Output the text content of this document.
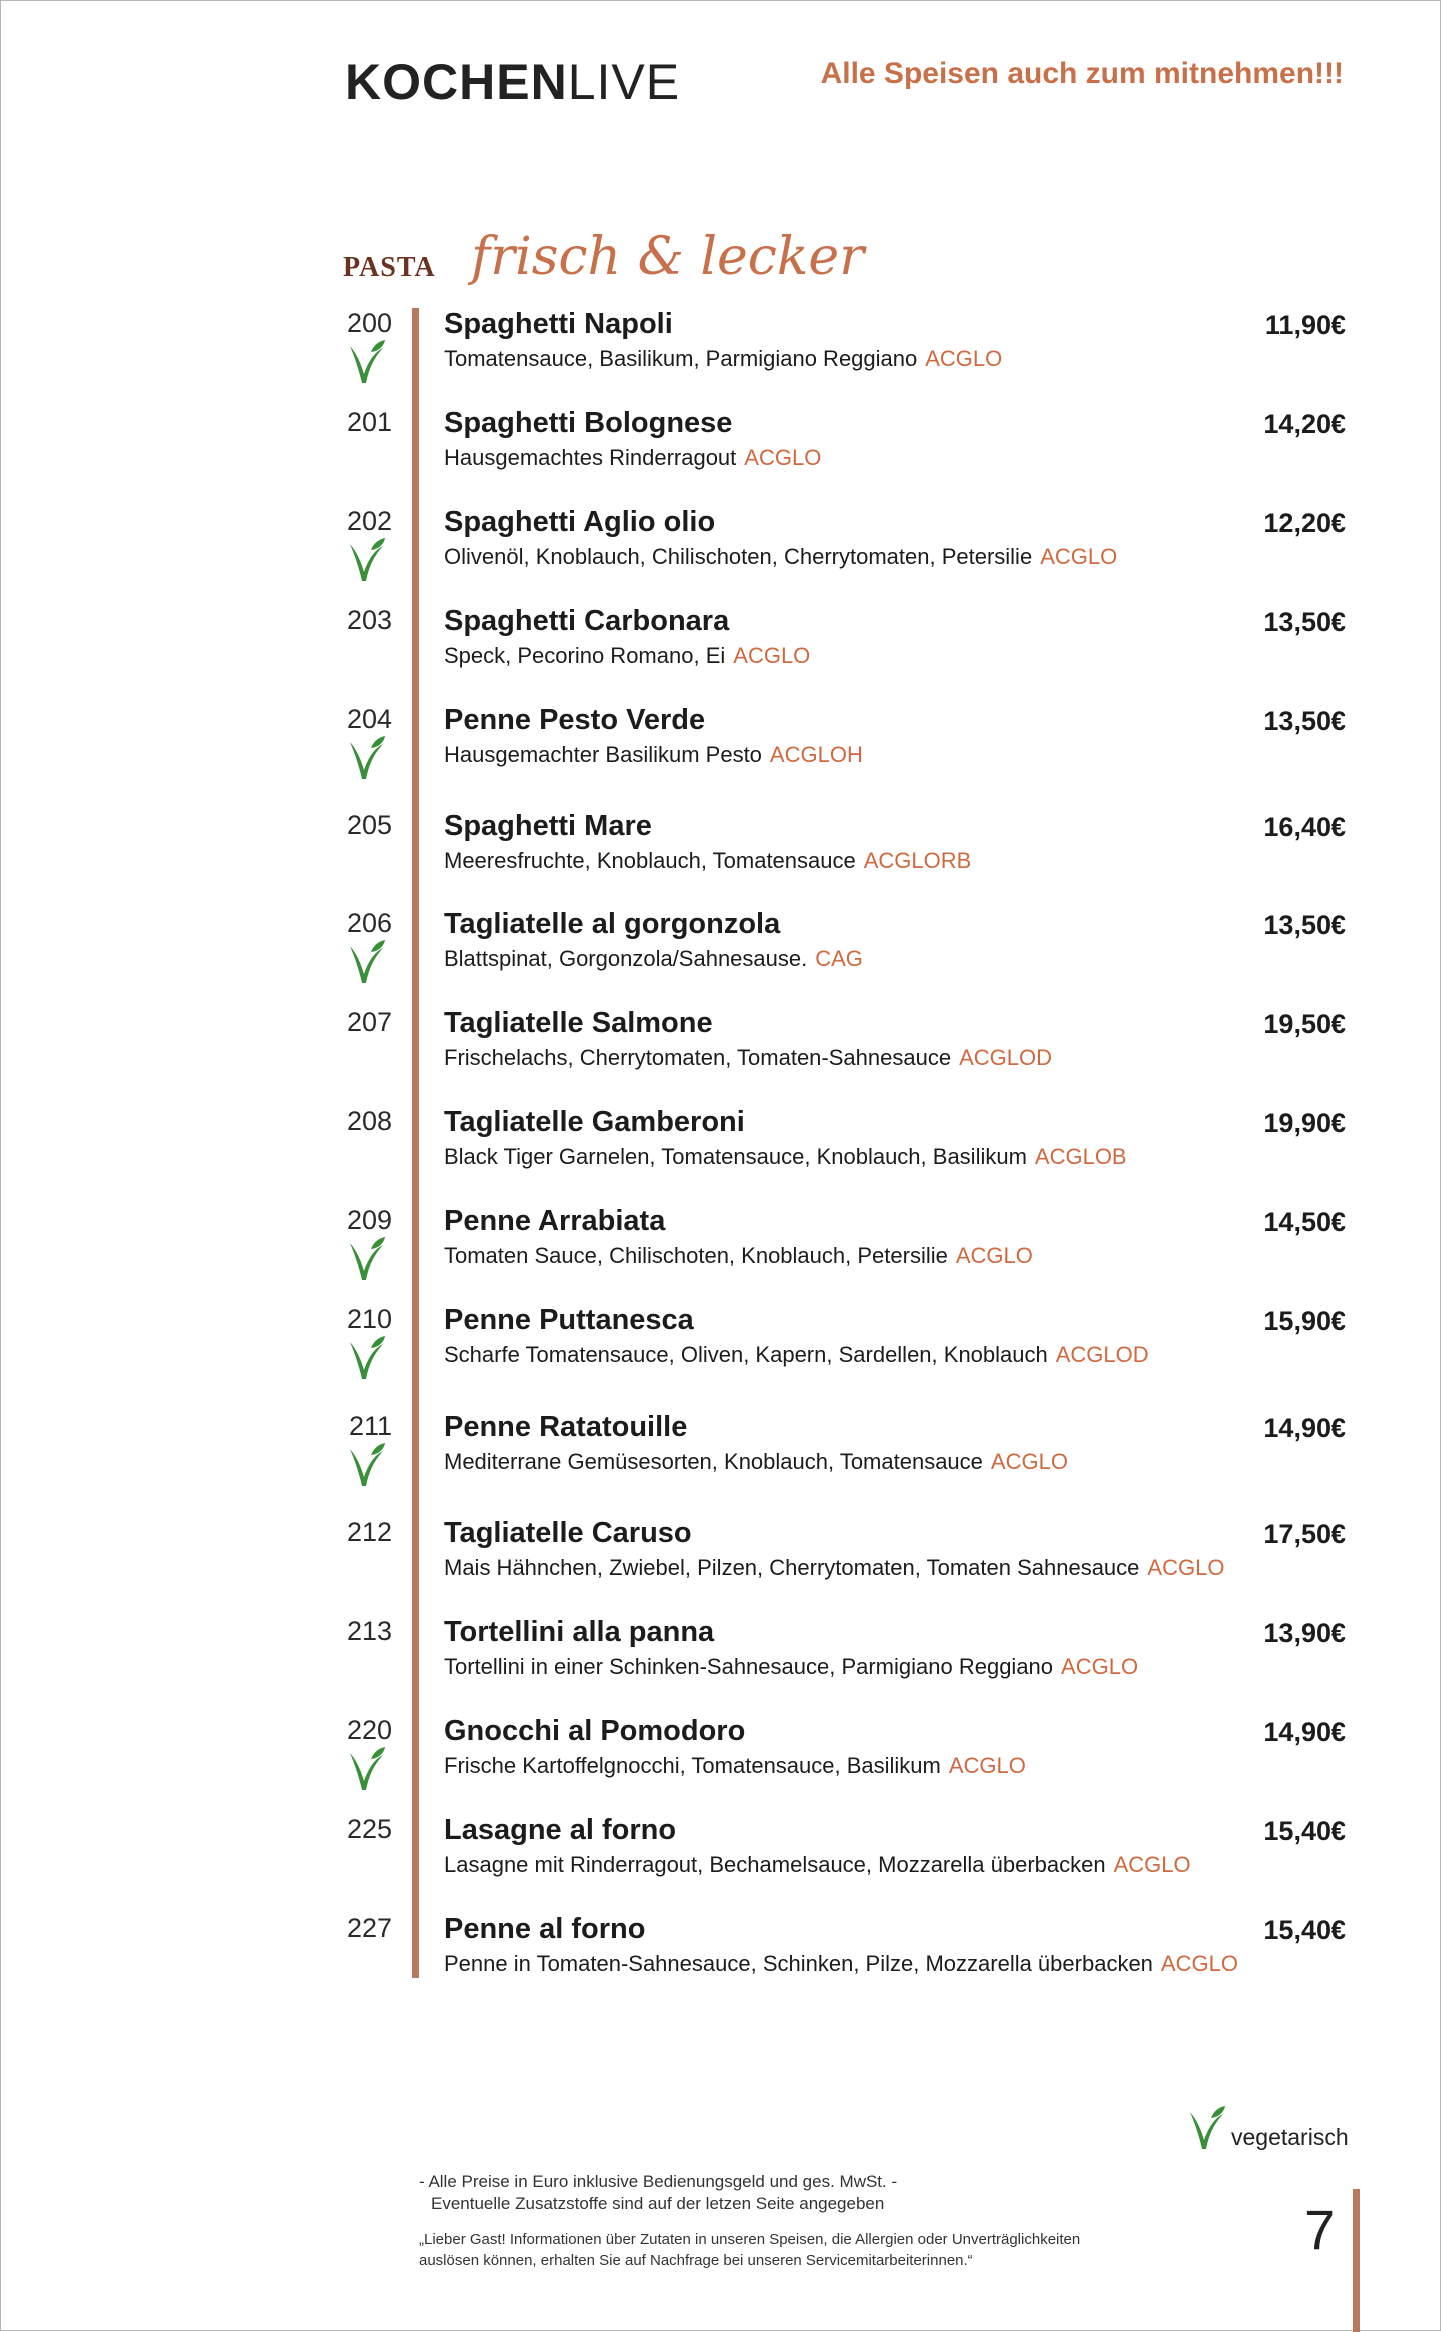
KOCHENLIVE	Alle Speisen auch zum mitnehmen!!!
PASTA frisch & lecker
200 Spaghetti Napoli
Tomatensauce, Basilikum, Parmigiano Reggiano ACGLO
11,90€
201 Spaghetti Bolognese
Hausgemachtes Rinderragout ACGLO
14,20€
202 Spaghetti Aglio olio
Olivenöl, Knoblauch, Chilischoten, Cherrytomaten, Petersilie ACGLO
12,20€
203 Spaghetti Carbonara
Speck, Pecorino Romano, Ei ACGLO
13,50€
204 Penne Pesto Verde
Hausgemachter Basilikum Pesto ACGLOH
13,50€
205 Spaghetti Mare
Meeresfruchte, Knoblauch, Tomatensauce ACGLORB
16,40€
206 Tagliatelle al gorgonzola
Blattspinat, Gorgonzola/Sahnesause. CAG
13,50€
207 Tagliatelle Salmone
Frischelachs, Cherrytomaten, Tomaten-Sahnesauce ACGLOD
19,50€
208 Tagliatelle Gamberoni
Black Tiger Garnelen, Tomatensauce, Knoblauch, Basilikum ACGLOB
19,90€
209 Penne Arrabiata
Tomaten Sauce, Chilischoten, Knoblauch, Petersilie ACGLO
14,50€
210 Penne Puttanesca
Scharfe Tomatensauce, Oliven, Kapern, Sardellen, Knoblauch ACGLOD
15,90€
211 Penne Ratatouille
Mediterrane Gemüsesorten, Knoblauch, Tomatensauce ACGLO
14,90€
212 Tagliatelle Caruso
Mais Hähnchen, Zwiebel, Pilzen, Cherrytomaten, Tomaten Sahnesauce ACGLO
17,50€
213 Tortellini alla panna
Tortellini in einer Schinken-Sahnesauce, Parmigiano Reggiano ACGLO
13,90€
220 Gnocchi al Pomodoro
Frische Kartoffelgnocchi, Tomatensauce, Basilikum ACGLO
14,90€
225 Lasagne al forno
Lasagne mit Rinderragout, Bechamelsauce, Mozzarella überbacken ACGLO
15,40€
227 Penne al forno
Penne in Tomaten-Sahnesauce, Schinken, Pilze, Mozzarella überbacken ACGLO
15,40€
vegetarisch
- Alle Preise in Euro inklusive Bedienungsgeld und ges. MwSt. -
Eventuelle Zusatzstoffe sind auf der letzen Seite angegeben
„Lieber Gast! Informationen über Zutaten in unseren Speisen, die Allergien oder Unverträglichkeiten
auslösen können, erhalten Sie auf Nachfrage bei unseren Servicemitarbeiterinnen.“	7
